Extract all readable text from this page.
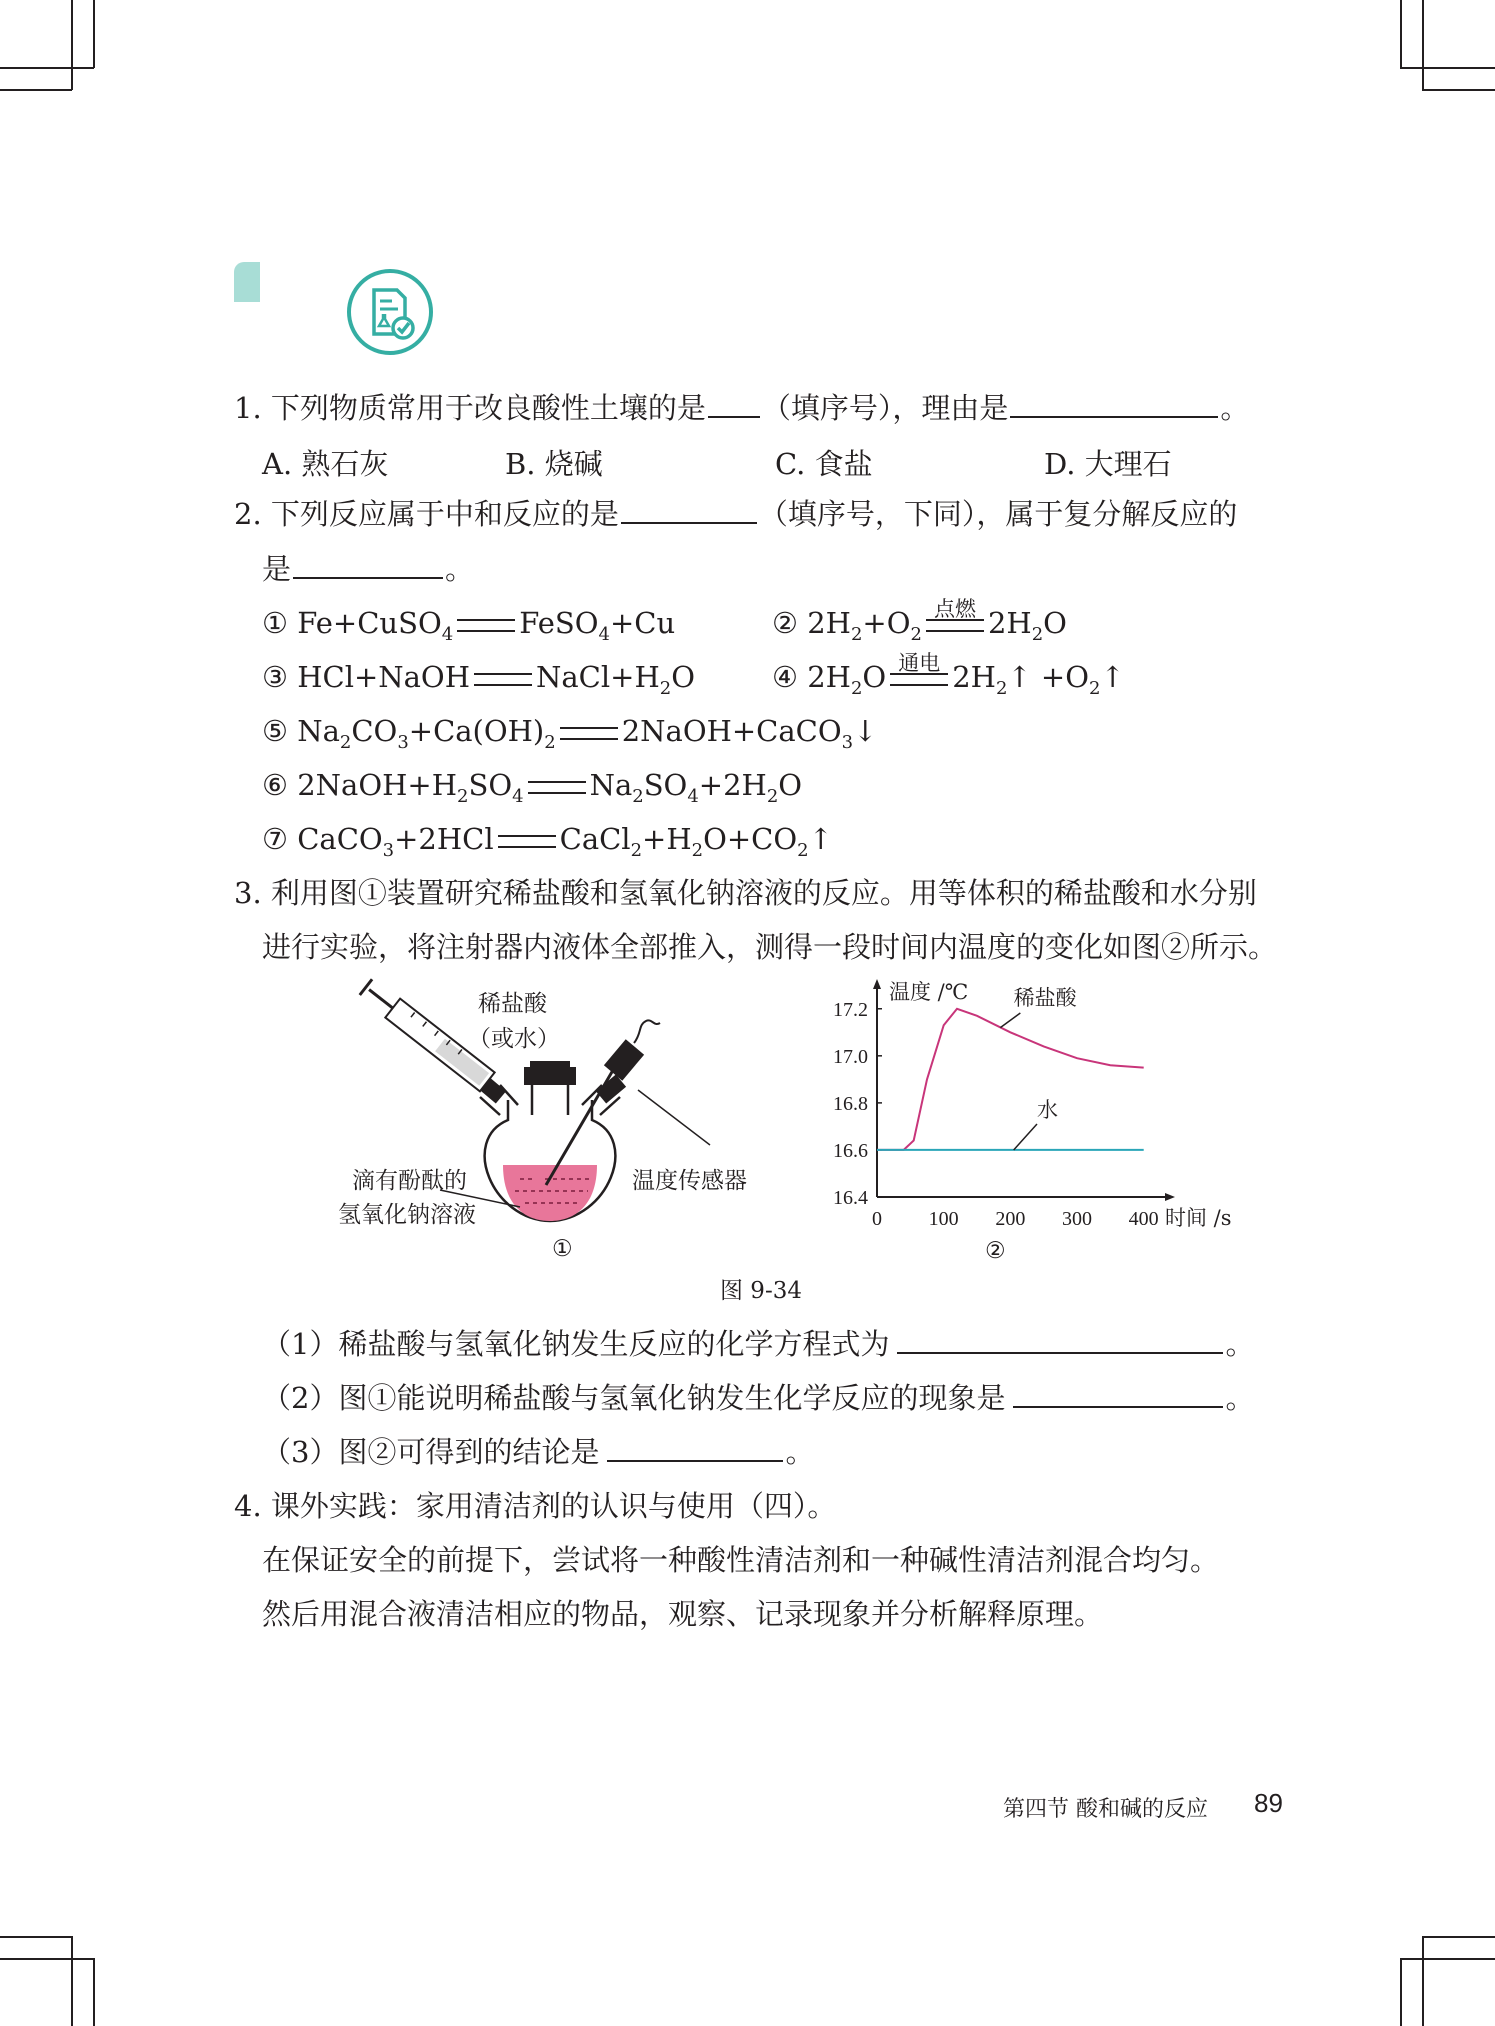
1. 下列物质常用于改良酸性土壤的是 （填序号），理由是	。
A. 熟石灰	B. 烧碱	C. 食盐	D. 大理石
2. 下列反应属于中和反应的是	（填序号，下同），属于复分解反应的
是	。
① Fe+CuSO$_4$ FeSO$_4$+Cu	② $2H_2+O_2$
点燃 $2H_2O$
③ HCl+NaOH $NaCl+H_2O$	④ $2H_2O$ 通电 $2H_2↑$ $+O_2↑$
⑤ $Na_2CO_3+Ca(OH)_2$ 2NaOH+CaCO$_3$↓
⑥ $2NaOH+H_2SO_4$ $Na_2SO_4+2H_2O$
⑦ CaCO$_3$+2HCl $CaCl_2+H_2O+CO_2↑$
3. 利用图①装置研究稀盐酸和氢氧化钠溶液的反应。用等体积的稀盐酸和水分别
进行实验，将注射器内液体全部推入，测得一段时间内温度的变化如图②所示。
稀盐酸
（或水）
滴有酚酞的
氢氧化钠溶液
温度传感器
①
16.4
16.6
16.8
17.0
17.2
0 100 200 300 400
温度 /℃
时间 /s
稀盐酸
水
②
图 9-34
（1）稀盐酸与氢氧化钠发生反应的化学方程式为	。
（2）图①能说明稀盐酸与氢氧化钠发生化学反应的现象是	。
（3）图②可得到的结论是	。
4. 课外实践：家用清洁剂的认识与使用（四）。
在保证安全的前提下，尝试将一种酸性清洁剂和一种碱性清洁剂混合均匀。
然后用混合液清洁相应的物品，观察、记录现象并分析解释原理。
第四节 酸和碱的反应 89
